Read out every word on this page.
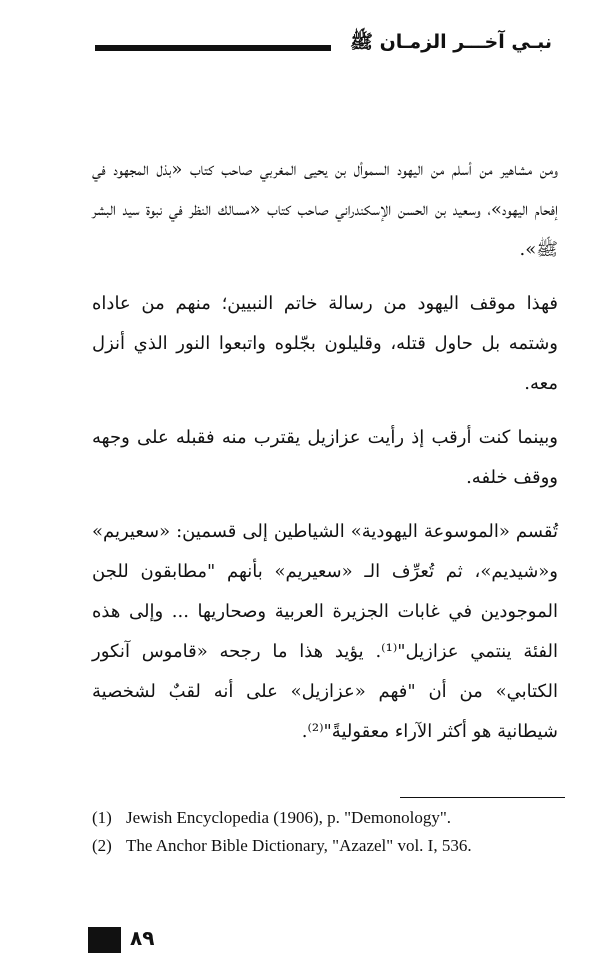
نبـي آخـــر الزمـان ﷺ

ومن مشاهير من أسلم من اليهود السموأل بن يحيى المغربي صاحب كتاب «بذل المجهود في إفحام اليهود»، وسعيد بن الحسن الإسكندراني صاحب كتاب «مسالك النظر في نبوة سيد البشر ﷺ».

فهذا موقف اليهود من رسالة خاتم النبيين؛ منهم من عاداه وشتمه بل حاول قتله، وقليلون بجّلوه واتبعوا النور الذي أنزل معه.

وبينما كنت أرقب إذ رأيت عزازيل يقترب منه فقبله على وجهه ووقف خلفه.

تُقسم «الموسوعة اليهودية» الشياطين إلى قسمين: «سعيريم» و«شيديم»، ثم تُعرِّف الـ «سعيريم» بأنهم "مطابقون للجن الموجودين في غابات الجزيرة العربية وصحاريها ... وإلى هذه الفئة ينتمي عزازيل"⁽¹⁾. يؤيد هذا ما رجحه «قاموس آنكور الكتابي» من أن "فهم «عزازيل» على أنه لقبٌ لشخصية شيطانية هو أكثر الآراء معقوليةً"⁽²⁾.

(1) Jewish Encyclopedia (1906), p. "Demonology".
(2) The Anchor Bible Dictionary, "Azazel" vol. I, 536.
٨٩
